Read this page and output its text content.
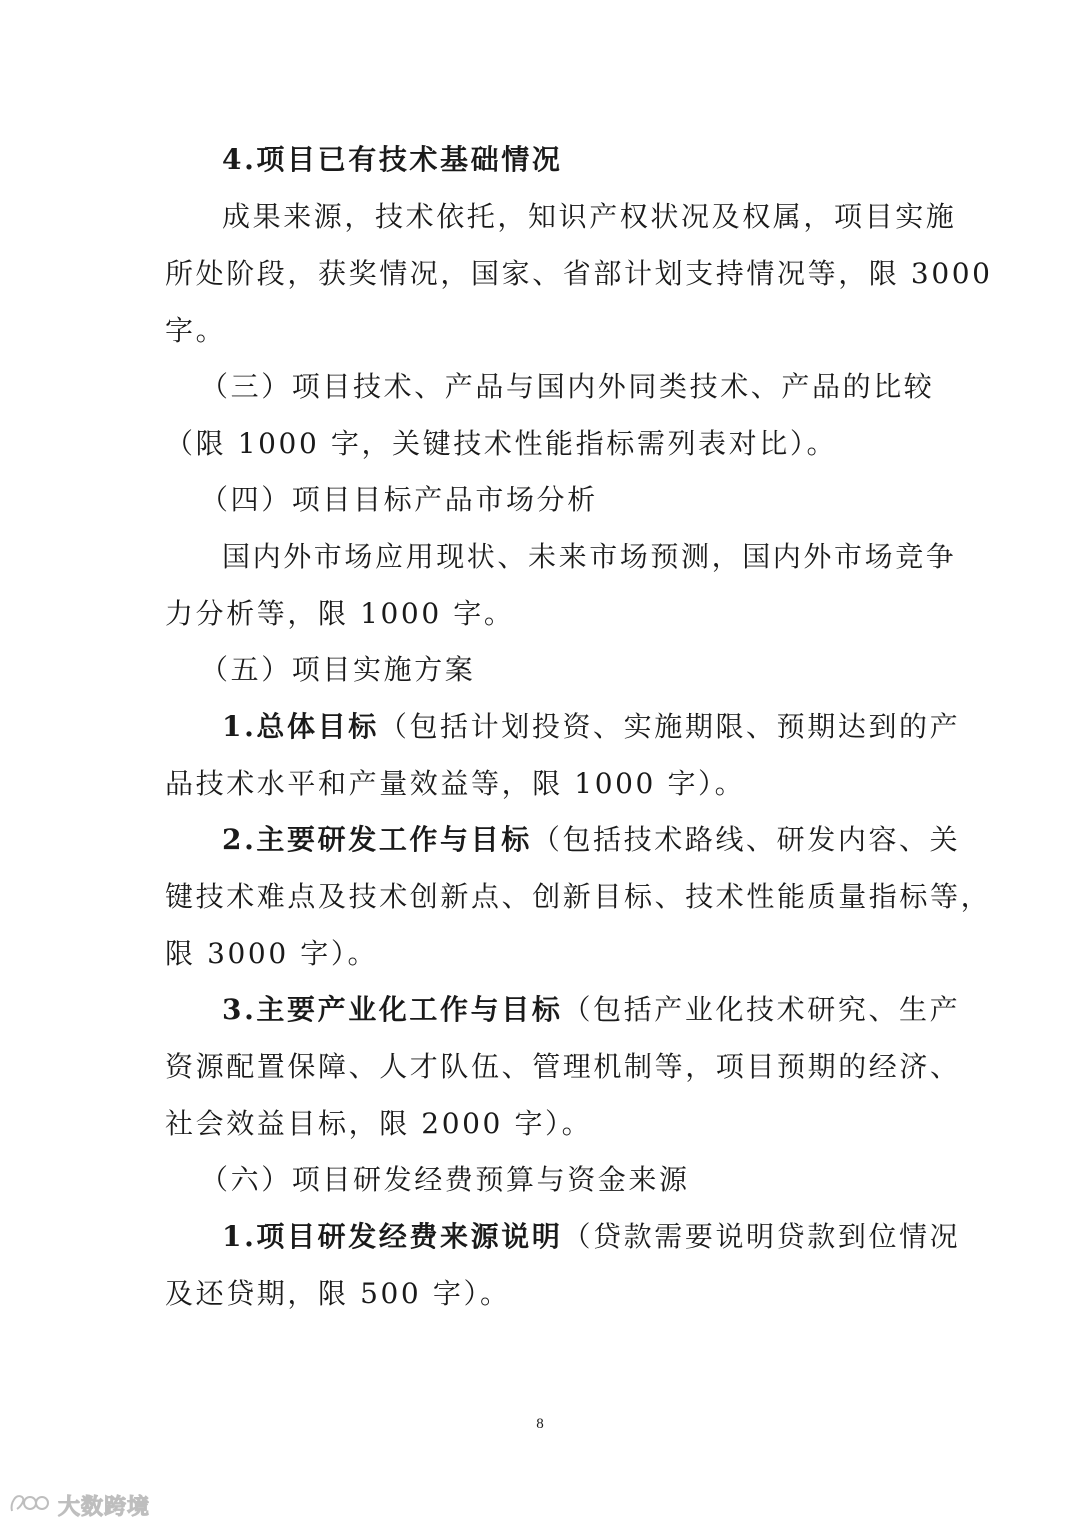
4.项目已有技术基础情况
成果来源，技术依托，知识产权状况及权属，项目实施
所处阶段，获奖情况，国家、省部计划支持情况等，限 3000
字。
（三）项目技术、产品与国内外同类技术、产品的比较
（限 1000 字，关键技术性能指标需列表对比）。
（四）项目目标产品市场分析
国内外市场应用现状、未来市场预测，国内外市场竞争
力分析等，限 1000 字。
（五）项目实施方案
1.总体目标（包括计划投资、实施期限、预期达到的产
品技术水平和产量效益等，限 1000 字）。
2.主要研发工作与目标（包括技术路线、研发内容、关
键技术难点及技术创新点、创新目标、技术性能质量指标等，
限 3000 字）。
3.主要产业化工作与目标（包括产业化技术研究、生产
资源配置保障、人才队伍、管理机制等，项目预期的经济、
社会效益目标，限 2000 字）。
（六）项目研发经费预算与资金来源
1.项目研发经费来源说明（贷款需要说明贷款到位情况
及还贷期，限 500 字）。
8
大数跨境
